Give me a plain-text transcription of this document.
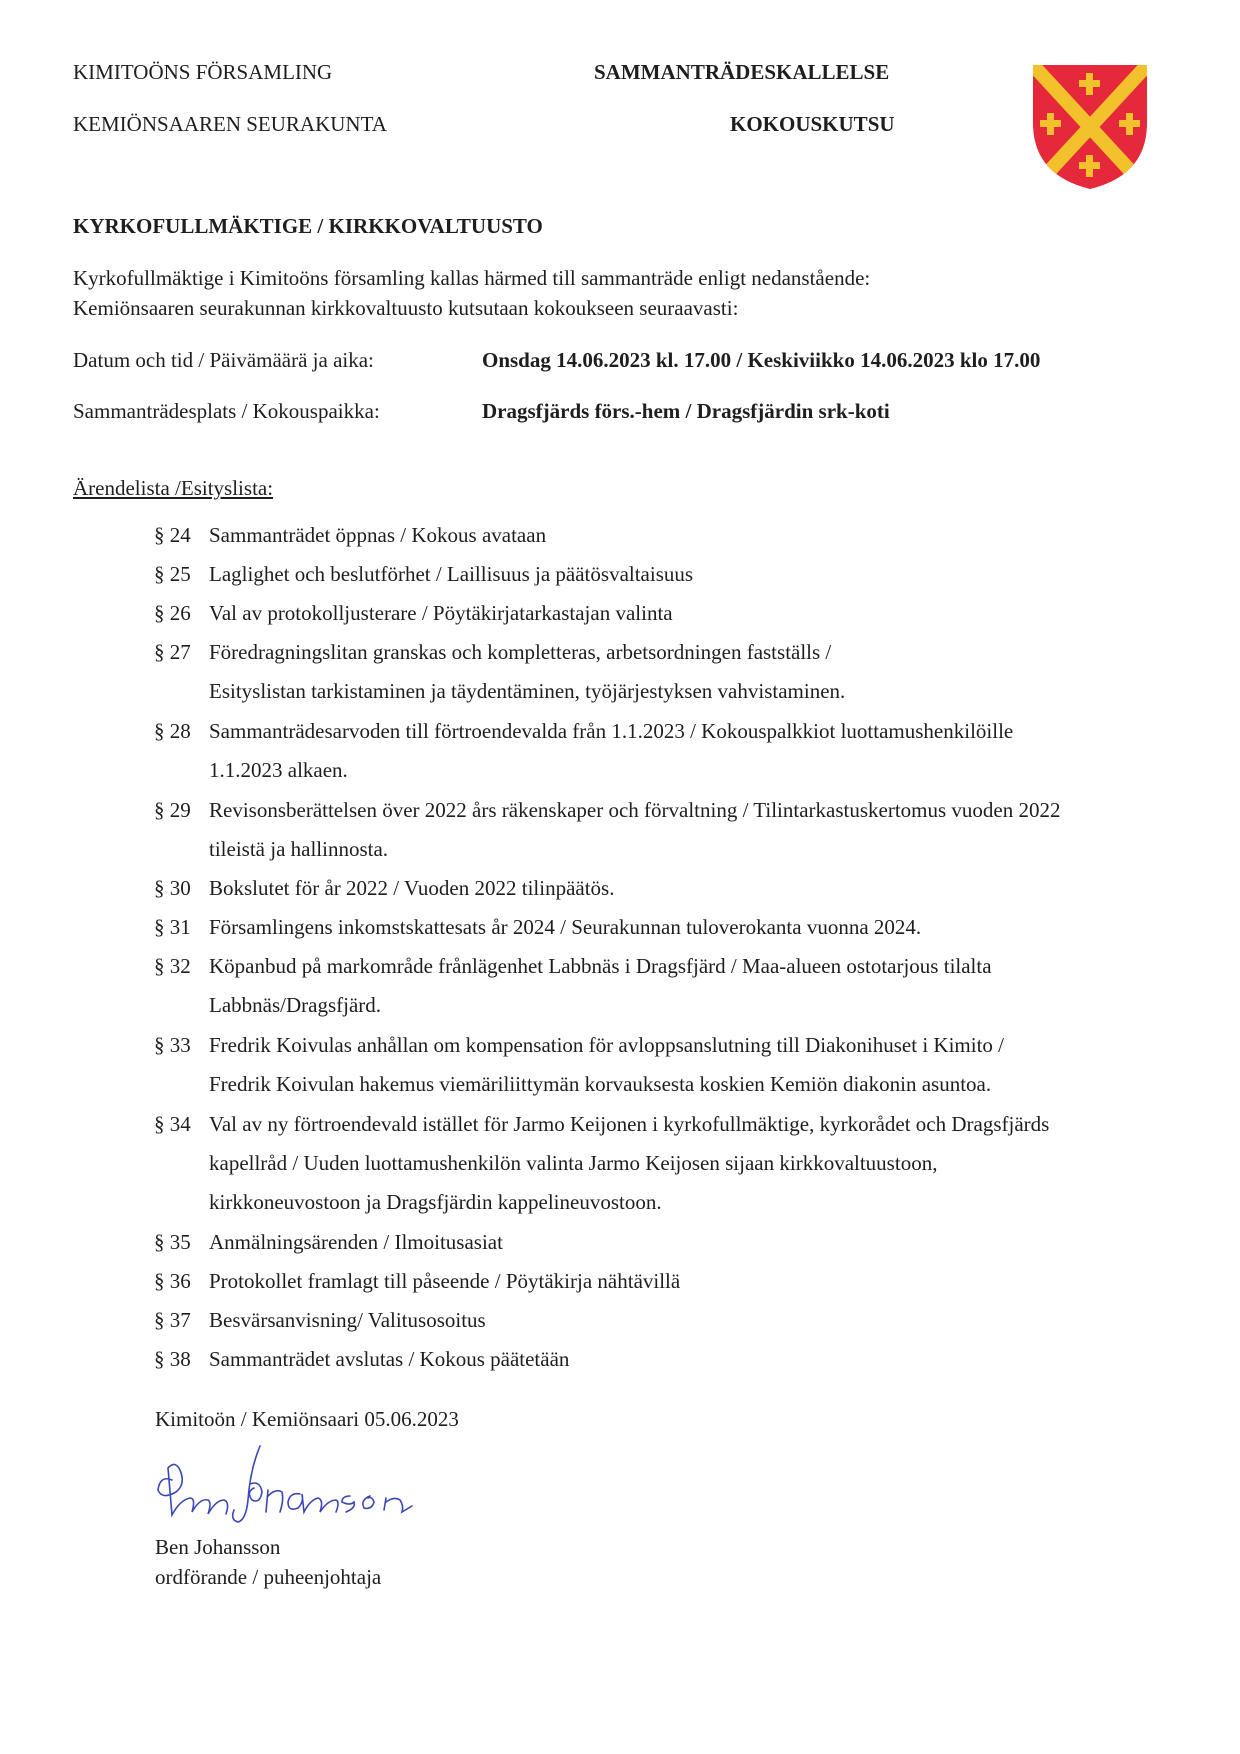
KIMITOÖNS FÖRSAMLING
KEMIÖNSAAREN SEURAKUNTA
SAMMANTRÄDESKALLELSE
KOKOUSKUTSU
KYRKOFULLMÄKTIGE / KIRKKOVALTUUSTO
Kyrkofullmäktige i Kimitoöns församling kallas härmed till sammanträde enligt nedanstående:
Kemiönsaaren seurakunnan kirkkovaltuusto kutsutaan kokoukseen seuraavasti:
Datum och tid / Päivämäärä ja aika:	Onsdag 14.06.2023 kl. 17.00 / Keskiviikko 14.06.2023 klo 17.00
Sammanträdesplats / Kokouspaikka:	Dragsfjärds förs.-hem / Dragsfjärdin srk-koti
Ärendelista /Esityslista:
§ 24 Sammanträdet öppnas / Kokous avataan
§ 25 Laglighet och beslutförhet / Laillisuus ja päätösvaltaisuus
§ 26 Val av protokolljusterare / Pöytäkirjatarkastajan valinta
§ 27 Föredragningslitan granskas och kompletteras, arbetsordningen fastställs /
Esityslistan tarkistaminen ja täydentäminen, työjärjestyksen vahvistaminen.
§ 28 Sammanträdesarvoden till förtroendevalda från 1.1.2023 / Kokouspalkkiot luottamushenkilöille
1.1.2023 alkaen.
§ 29 Revisonsberättelsen över 2022 års räkenskaper och förvaltning / Tilintarkastuskertomus vuoden 2022
tileistä ja hallinnosta.
§ 30 Bokslutet för år 2022 / Vuoden 2022 tilinpäätös.
§ 31 Församlingens inkomstskattesats år 2024 / Seurakunnan tuloverokanta vuonna 2024.
§ 32 Köpanbud på markområde frånlägenhet Labbnäs i Dragsfjärd / Maa-alueen ostotarjous tilalta
Labbnäs/Dragsfjärd.
§ 33 Fredrik Koivulas anhållan om kompensation för avloppsanslutning till Diakonihuset i Kimito /
Fredrik Koivulan hakemus viemäriliittymän korvauksesta koskien Kemiön diakonin asuntoa.
§ 34 Val av ny förtroendevald istället för Jarmo Keijonen i kyrkofullmäktige, kyrkorådet och Dragsfjärds
kapellråd / Uuden luottamushenkilön valinta Jarmo Keijosen sijaan kirkkovaltuustoon,
kirkkoneuvostoon ja Dragsfjärdin kappelineuvostoon.
§ 35 Anmälningsärenden / Ilmoitusasiat
§ 36 Protokollet framlagt till påseende / Pöytäkirja nähtävillä
§ 37 Besvärsanvisning/ Valitusosoitus
§ 38 Sammanträdet avslutas / Kokous päätetään
Kimitoön / Kemiönsaari 05.06.2023
Ben Johansson
ordförande / puheenjohtaja
